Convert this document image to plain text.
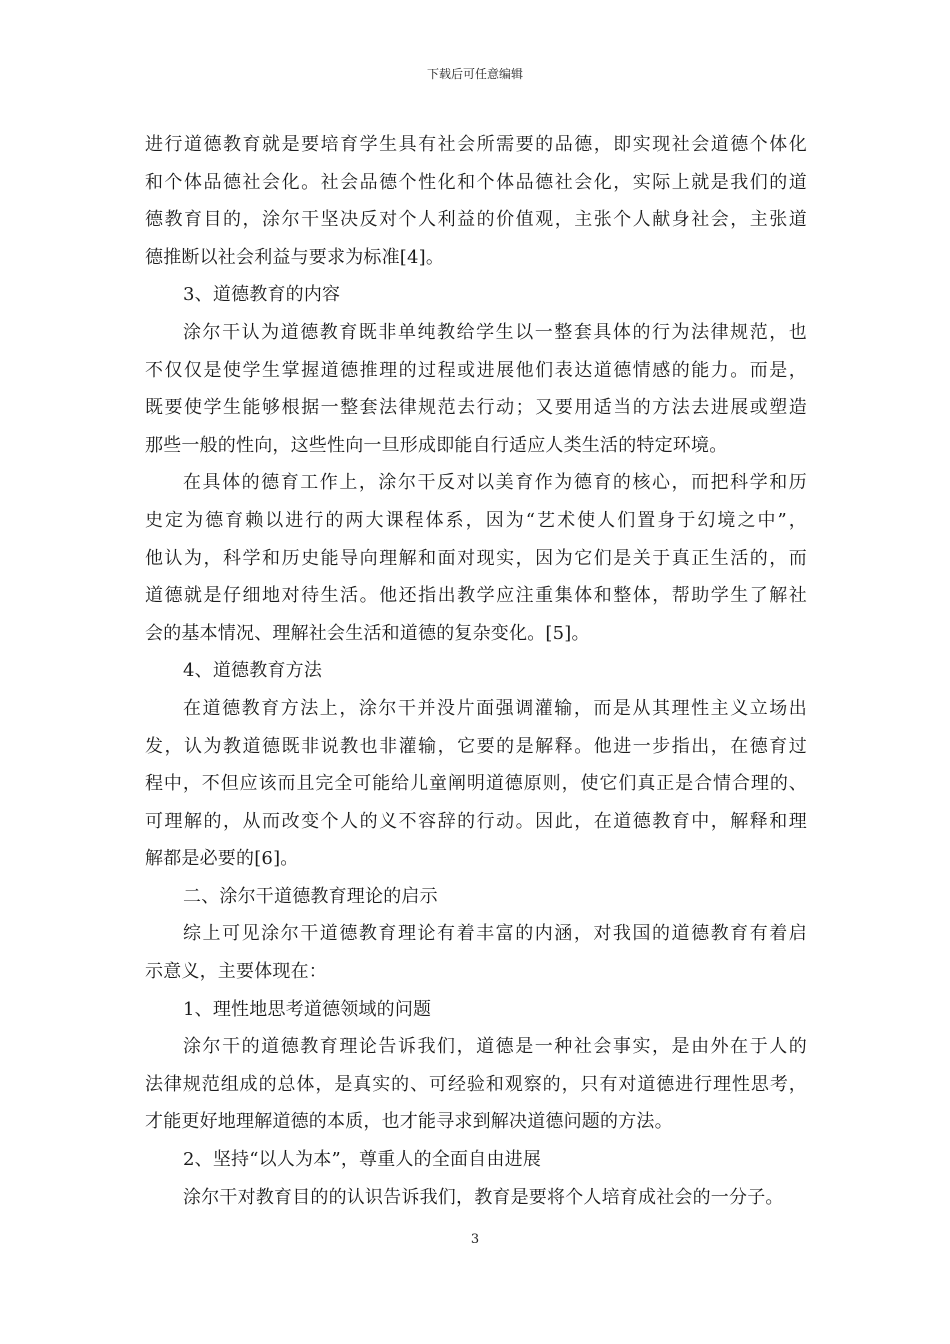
下载后可任意编辑
进行道德教育就是要培育学生具有社会所需要的品德，即实现社会道德个体化
和个体品德社会化。社会品德个性化和个体品德社会化，实际上就是我们的道
德教育目的，涂尔干坚决反对个人利益的价值观，主张个人献身社会，主张道
德推断以社会利益与要求为标准[4]。
3、道德教育的内容
涂尔干认为道德教育既非单纯教给学生以一整套具体的行为法律规范，也
不仅仅是使学生掌握道德推理的过程或进展他们表达道德情感的能力。而是，
既要使学生能够根据一整套法律规范去行动；又要用适当的方法去进展或塑造
那些一般的性向，这些性向一旦形成即能自行适应人类生活的特定环境。
在具体的德育工作上，涂尔干反对以美育作为德育的核心，而把科学和历
史定为德育赖以进行的两大课程体系，因为“艺术使人们置身于幻境之中”，
他认为，科学和历史能导向理解和面对现实，因为它们是关于真正生活的，而
道德就是仔细地对待生活。他还指出教学应注重集体和整体，帮助学生了解社
会的基本情况、理解社会生活和道德的复杂变化。[5]。
4、道德教育方法
在道德教育方法上，涂尔干并没片面强调灌输，而是从其理性主义立场出
发，认为教道德既非说教也非灌输，它要的是解释。他进一步指出，在德育过
程中，不但应该而且完全可能给儿童阐明道德原则，使它们真正是合情合理的、
可理解的，从而改变个人的义不容辞的行动。因此，在道德教育中，解释和理
解都是必要的[6]。
二、涂尔干道德教育理论的启示
综上可见涂尔干道德教育理论有着丰富的内涵，对我国的道德教育有着启
示意义，主要体现在：
1、理性地思考道德领域的问题
涂尔干的道德教育理论告诉我们，道德是一种社会事实，是由外在于人的
法律规范组成的总体，是真实的、可经验和观察的，只有对道德进行理性思考，
才能更好地理解道德的本质，也才能寻求到解决道德问题的方法。
2、坚持“以人为本”，尊重人的全面自由进展
涂尔干对教育目的的认识告诉我们，教育是要将个人培育成社会的一分子。
3
